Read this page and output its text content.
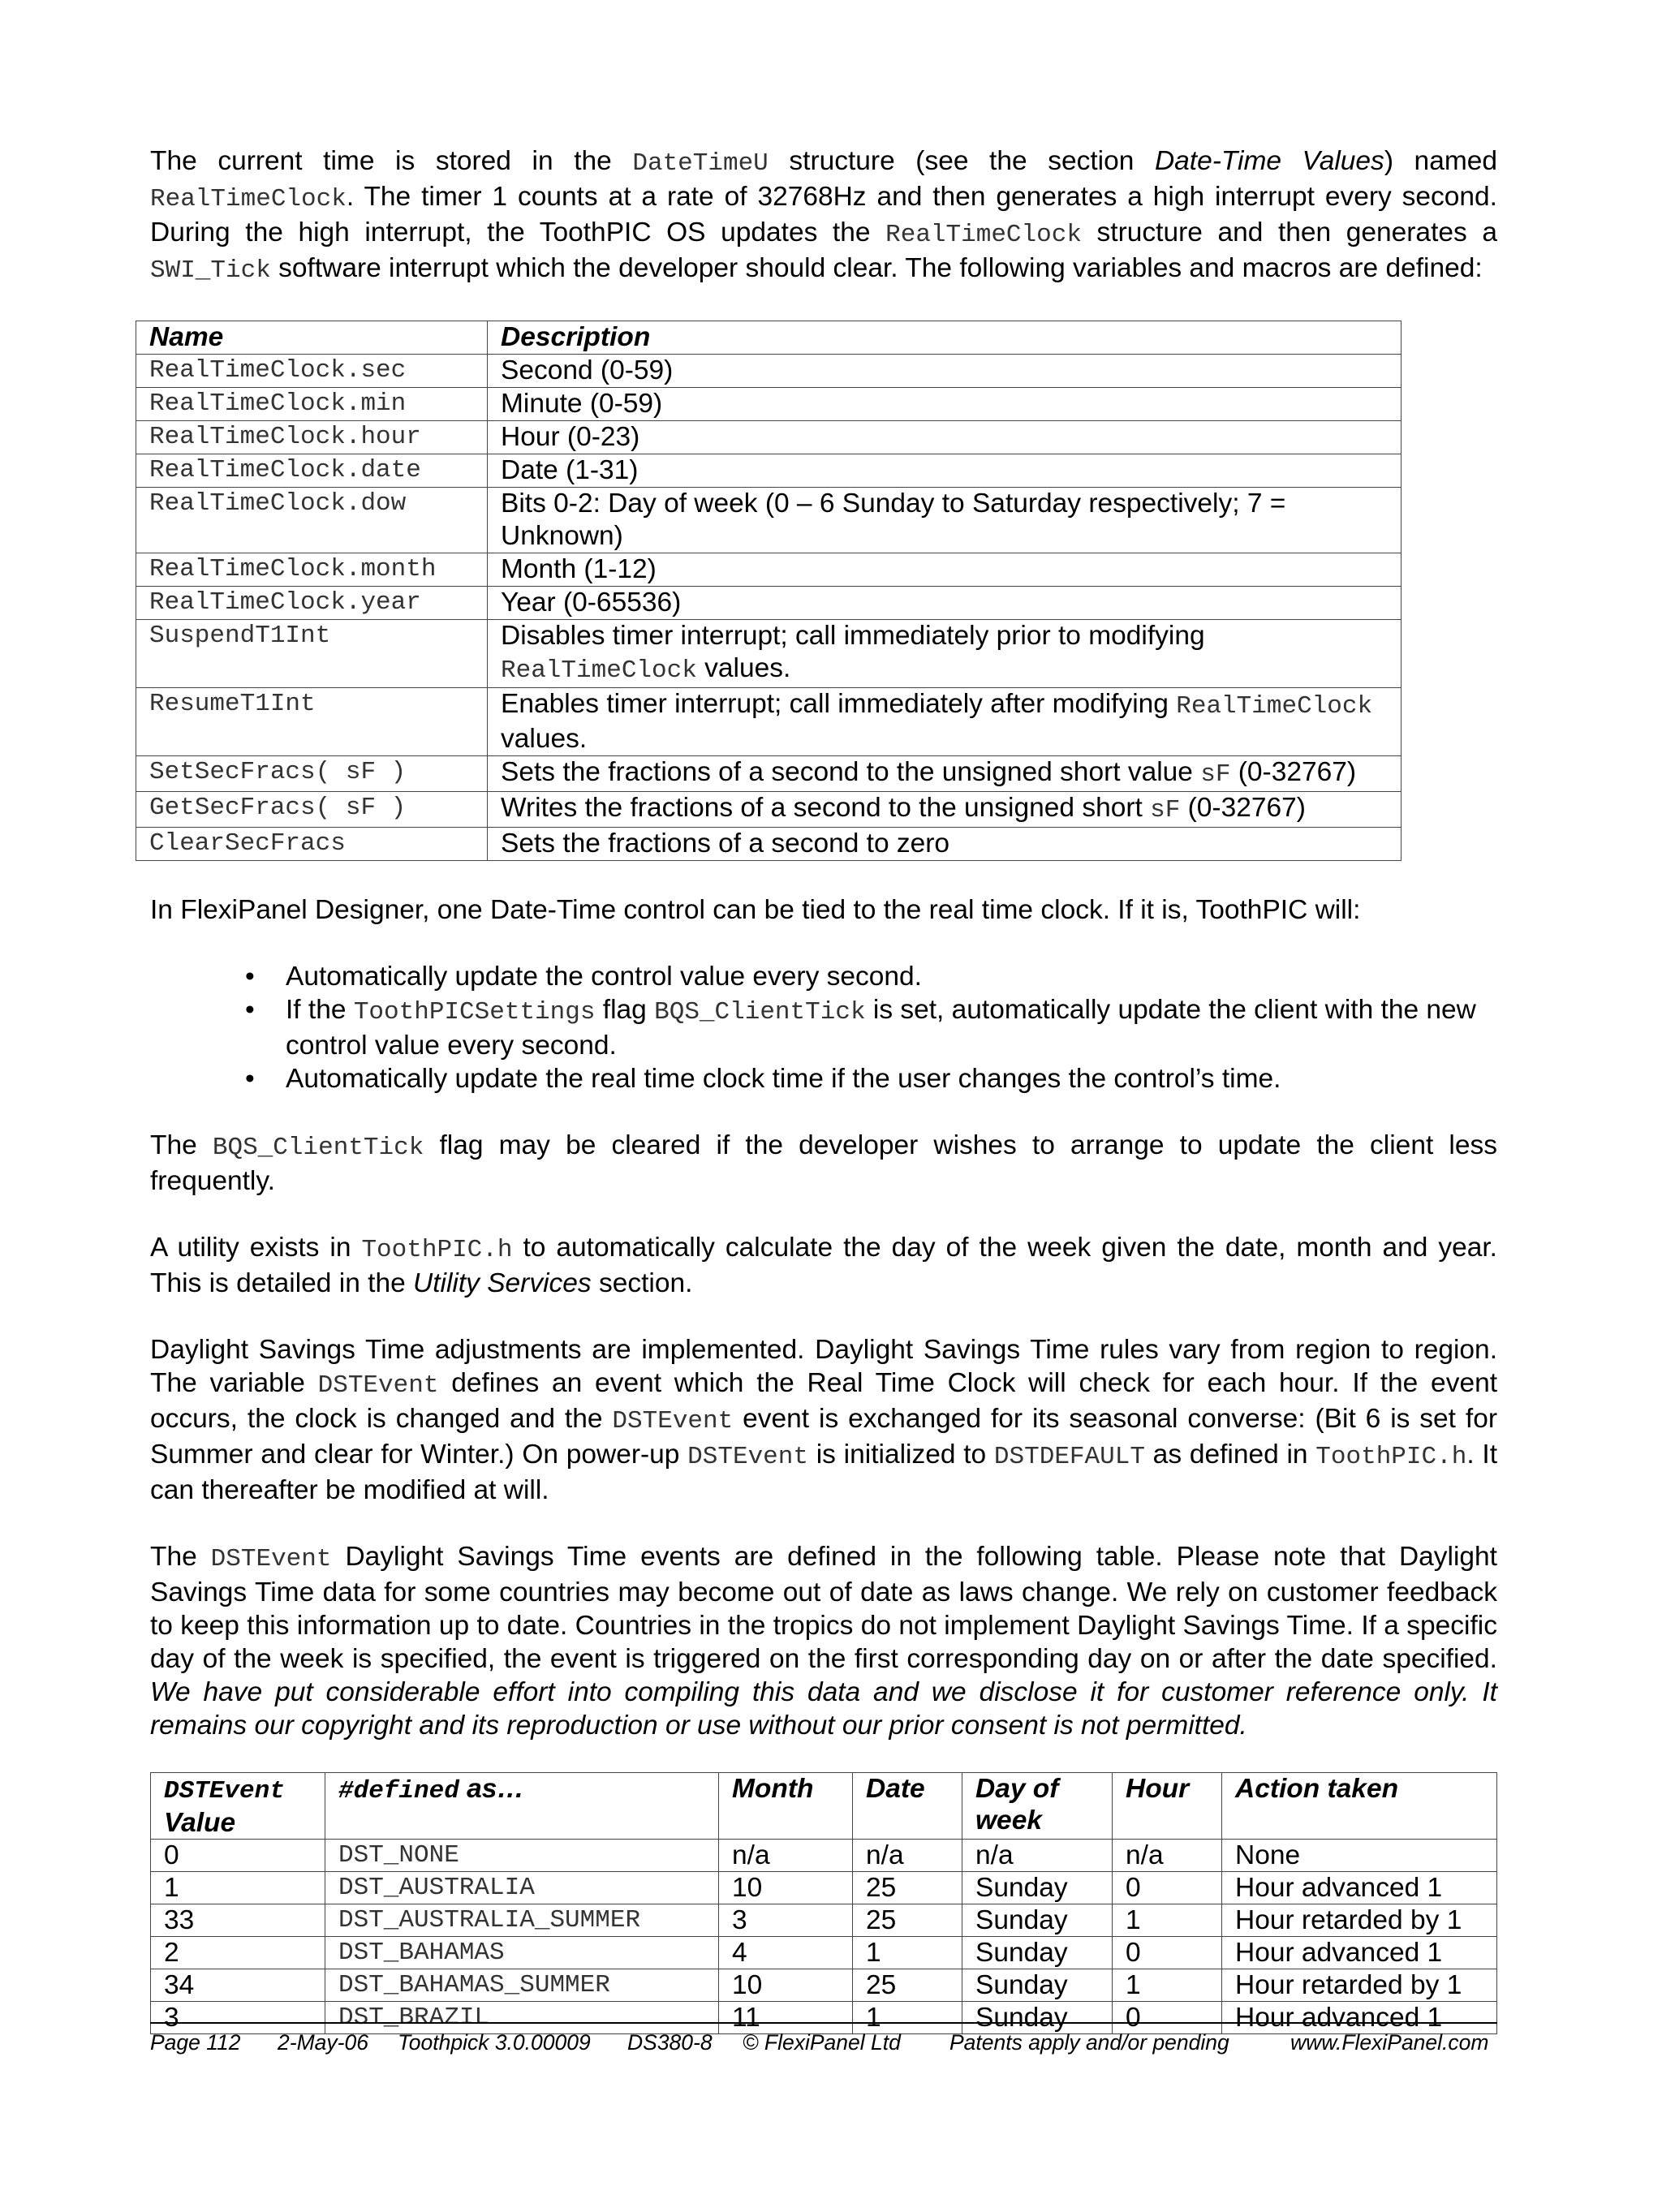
The current time is stored in the DateTimeU structure (see the section Date-Time Values) named RealTimeClock. The timer 1 counts at a rate of 32768Hz and then generates a high interrupt every second. During the high interrupt, the ToothPIC OS updates the RealTimeClock structure and then generates a SWI_Tick software interrupt which the developer should clear. The following variables and macros are defined:

Name	Description
RealTimeClock.sec	Second (0-59)
RealTimeClock.min	Minute (0-59)
RealTimeClock.hour	Hour (0-23)
RealTimeClock.date	Date (1-31)
RealTimeClock.dow	Bits 0-2: Day of week (0 – 6 Sunday to Saturday respectively; 7 = Unknown)
RealTimeClock.month	Month (1-12)
RealTimeClock.year	Year (0-65536)
SuspendT1Int	Disables timer interrupt; call immediately prior to modifying RealTimeClock values.
ResumeT1Int	Enables timer interrupt; call immediately after modifying RealTimeClock values.
SetSecFracs( sF )	Sets the fractions of a second to the unsigned short value sF (0-32767)
GetSecFracs( sF )	Writes the fractions of a second to the unsigned short sF (0-32767)
ClearSecFracs	Sets the fractions of a second to zero

In FlexiPanel Designer, one Date-Time control can be tied to the real time clock. If it is, ToothPIC will:

• Automatically update the control value every second.
• If the ToothPICSettings flag BQS_ClientTick is set, automatically update the client with the new control value every second.
• Automatically update the real time clock time if the user changes the control’s time.

The BQS_ClientTick flag may be cleared if the developer wishes to arrange to update the client less frequently.

A utility exists in ToothPIC.h to automatically calculate the day of the week given the date, month and year. This is detailed in the Utility Services section.

Daylight Savings Time adjustments are implemented. Daylight Savings Time rules vary from region to region. The variable DSTEvent defines an event which the Real Time Clock will check for each hour. If the event occurs, the clock is changed and the DSTEvent event is exchanged for its seasonal converse: (Bit 6 is set for Summer and clear for Winter.) On power-up DSTEvent is initialized to DSTDEFAULT as defined in ToothPIC.h. It can thereafter be modified at will.

The DSTEvent Daylight Savings Time events are defined in the following table. Please note that Daylight Savings Time data for some countries may become out of date as laws change. We rely on customer feedback to keep this information up to date. Countries in the tropics do not implement Daylight Savings Time. If a specific day of the week is specified, the event is triggered on the first corresponding day on or after the date specified. We have put considerable effort into compiling this data and we disclose it for customer reference only. It remains our copyright and its reproduction or use without our prior consent is not permitted.

DSTEvent
Value	#defined as…	Month	Date	Day of week	Hour	Action taken
0	DST_NONE	n/a	n/a	n/a	n/a	None
1	DST_AUSTRALIA	10	25	Sunday	0	Hour advanced 1
33	DST_AUSTRALIA_SUMMER	3	25	Sunday	1	Hour retarded by 1
2	DST_BAHAMAS	4	1	Sunday	0	Hour advanced 1
34	DST_BAHAMAS_SUMMER	10	25	Sunday	1	Hour retarded by 1
3	DST_BRAZIL	11	1	Sunday	0	Hour advanced 1
Page 112 2-May-06 Toothpick 3.0.00009 DS380-8 © FlexiPanel Ltd Patents apply and/or pending	www.FlexiPanel.com
